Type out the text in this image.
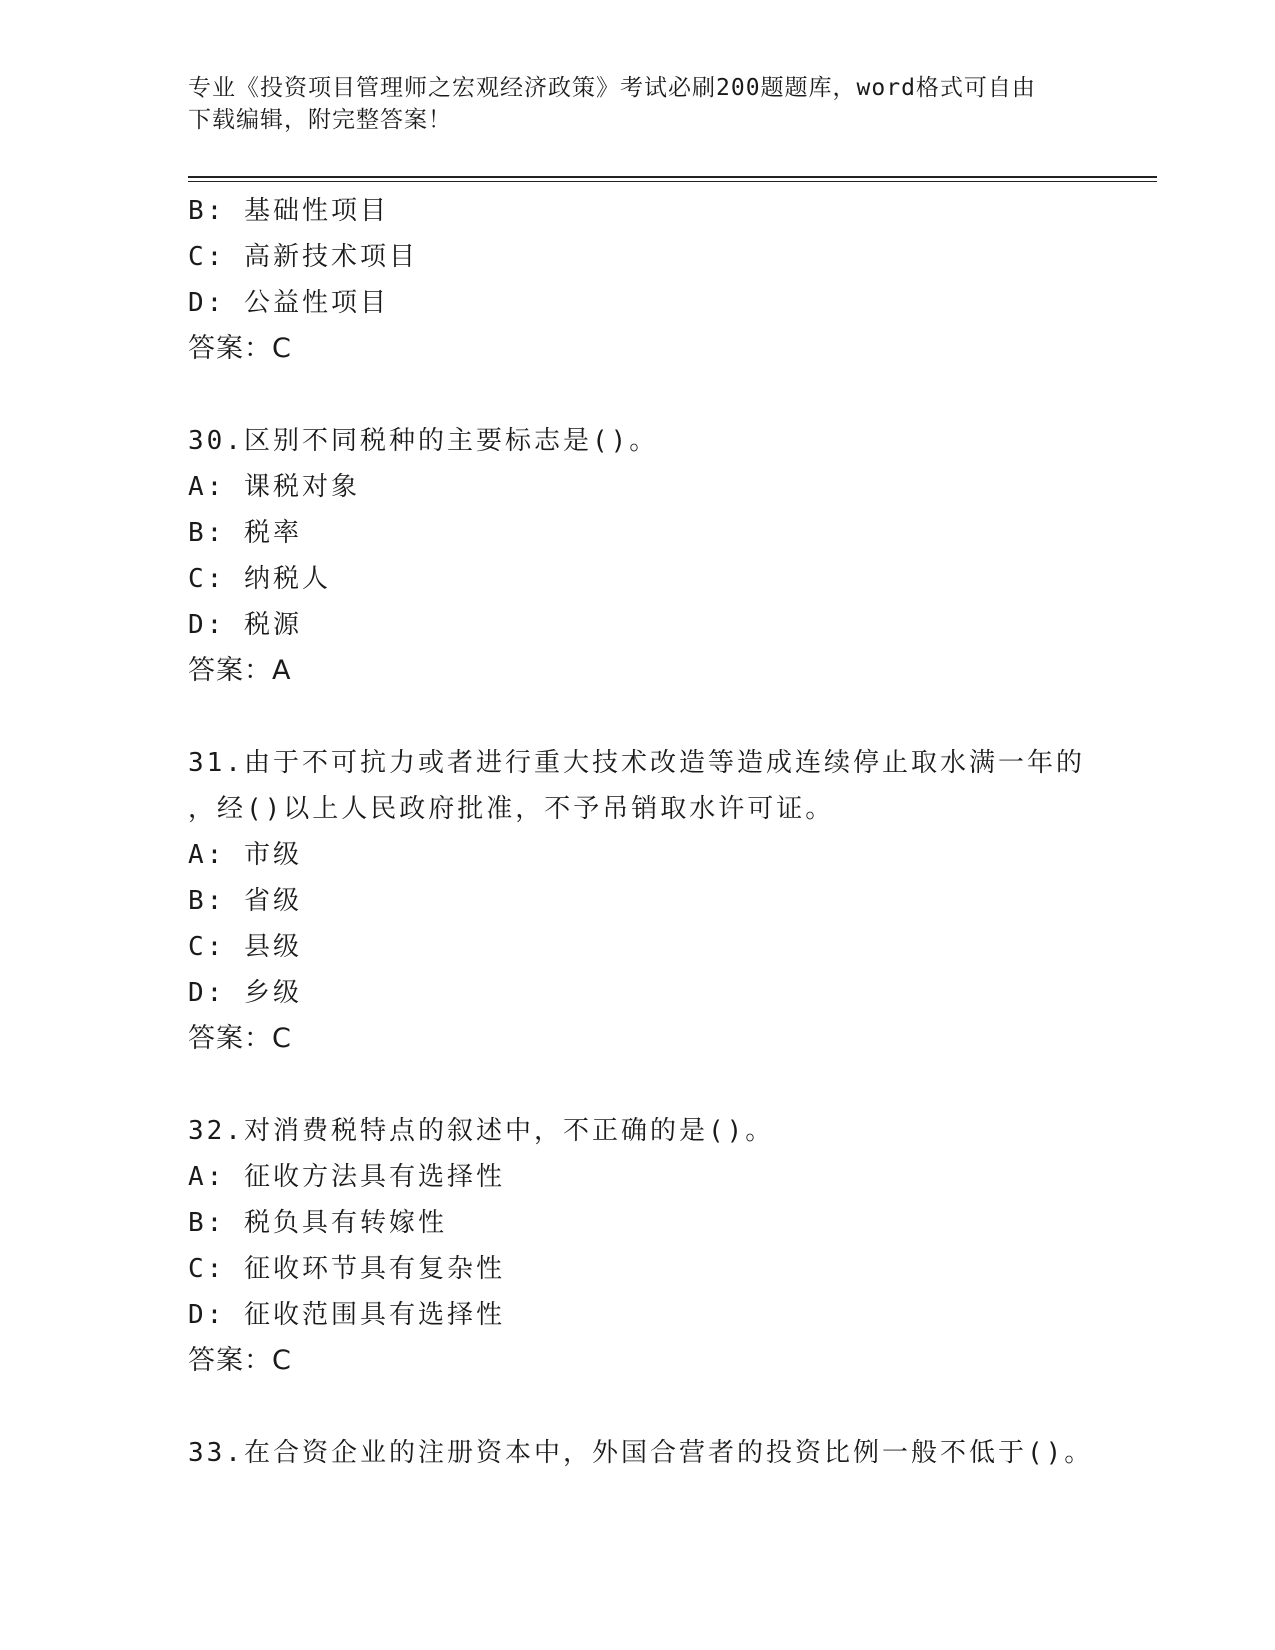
专业《投资项目管理师之宏观经济政策》考试必刷200题题库，word格式可自由
下载编辑，附完整答案！
B: 基础性项目
C: 高新技术项目
D: 公益性项目
答案：C
30.区别不同税种的主要标志是()。
A: 课税对象
B: 税率
C: 纳税人
D: 税源
答案：A
31.由于不可抗力或者进行重大技术改造等造成连续停止取水满一年的
，经()以上人民政府批准，不予吊销取水许可证。
A: 市级
B: 省级
C: 县级
D: 乡级
答案：C
32.对消费税特点的叙述中，不正确的是()。
A: 征收方法具有选择性
B: 税负具有转嫁性
C: 征收环节具有复杂性
D: 征收范围具有选择性
答案：C
33.在合资企业的注册资本中，外国合营者的投资比例一般不低于()。
